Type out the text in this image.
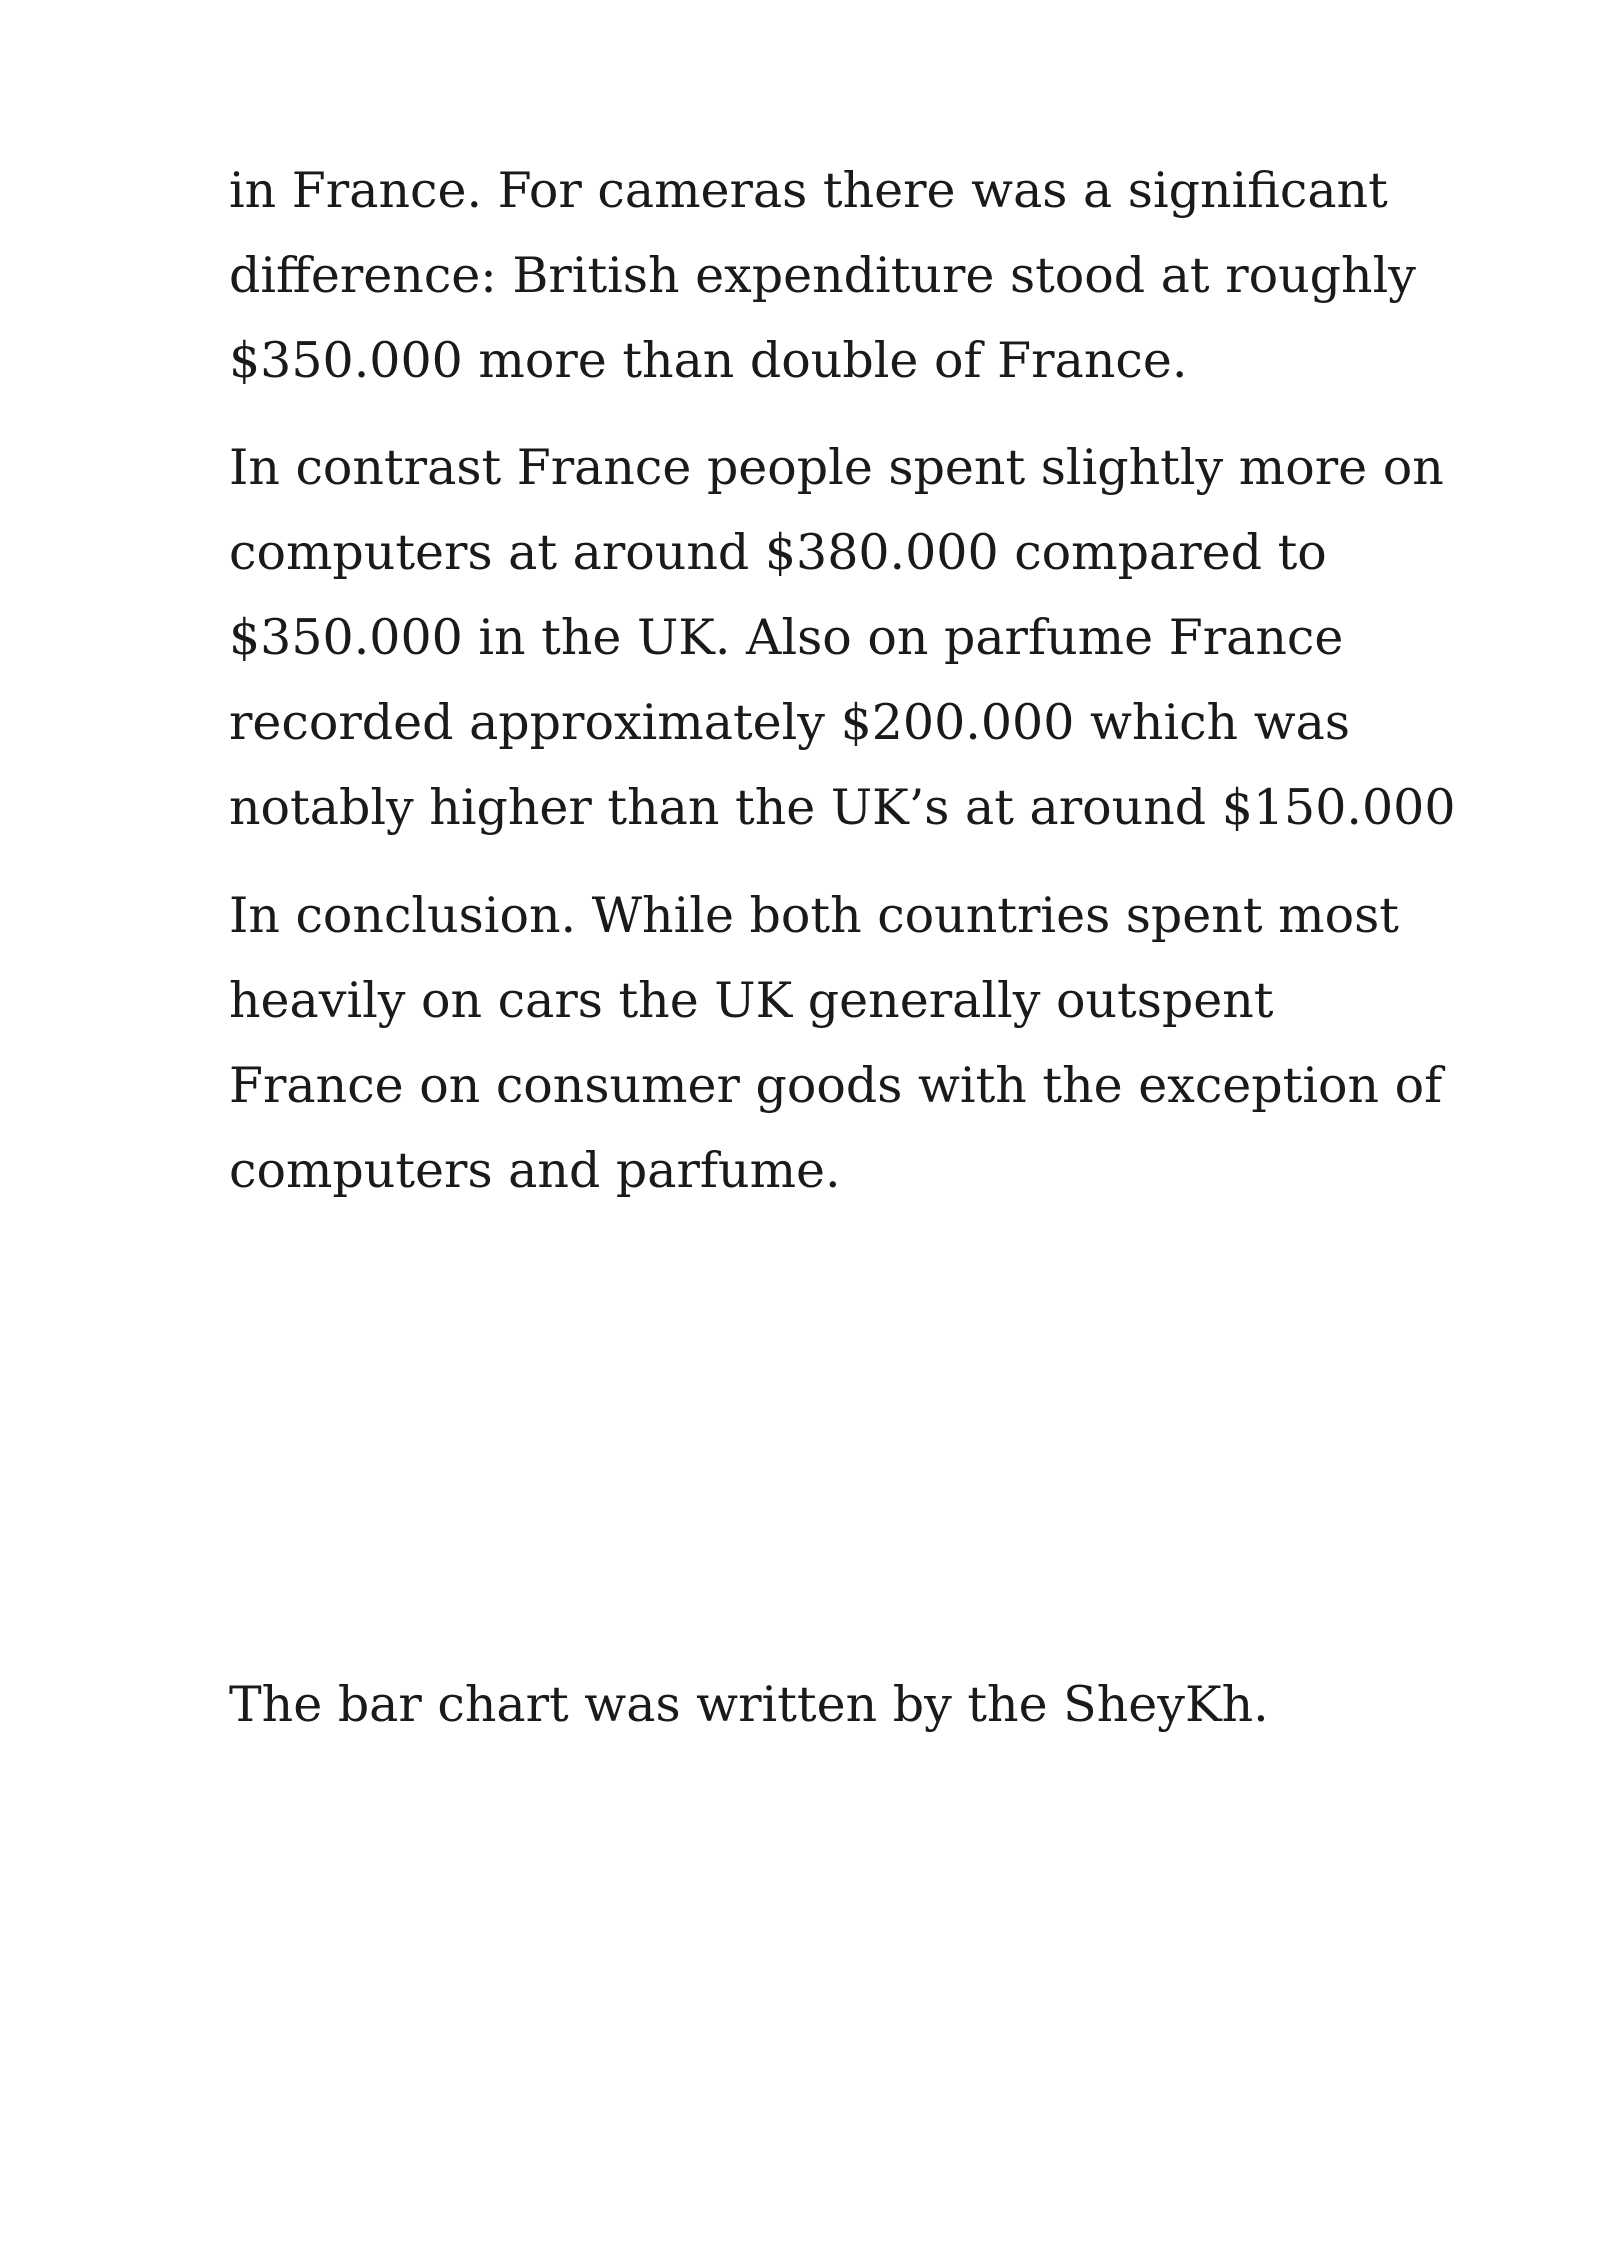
in France. For cameras there was a significant
difference: British expenditure stood at roughly
$350.000 more than double of France.

In contrast France people spent slightly more on
computers at around $380.000 compared to
$350.000 in the UK. Also on parfume France
recorded approximately $200.000 which was
notably higher than the UK’s at around $150.000

In conclusion. While both countries spent most
heavily on cars the UK generally outspent
France on consumer goods with the exception of
computers and parfume.

The bar chart was written by the SheyKh.
